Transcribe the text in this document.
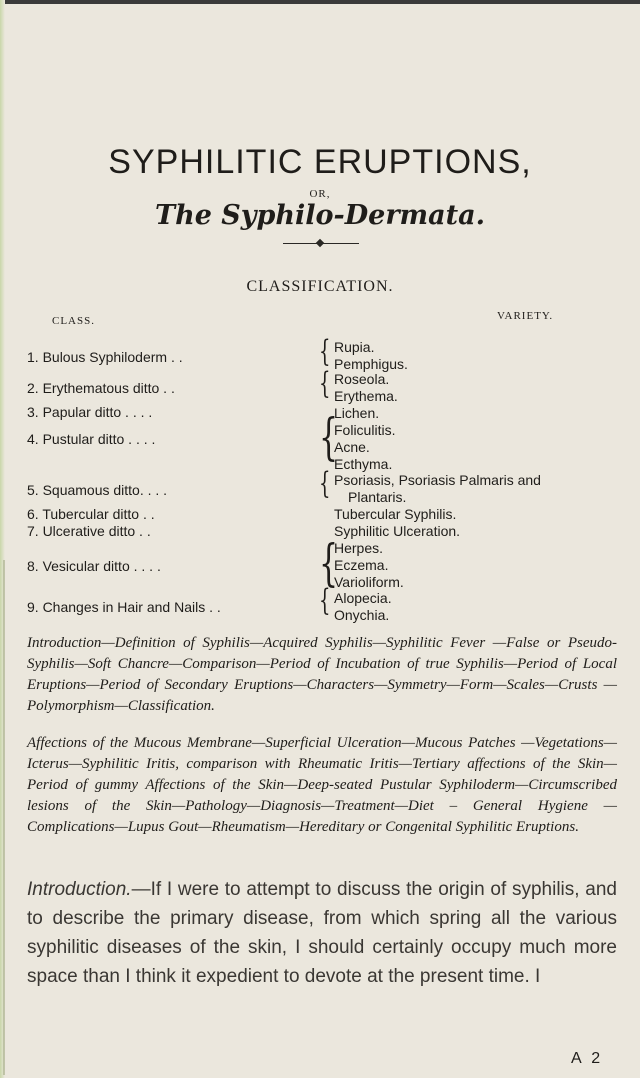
SYPHILITIC ERUPTIONS,
OR,
The Syphilo-Dermata.
CLASSIFICATION.
CLASS.	VARIETY.
1. Bulous Syphiloderm . .	{ Rupia.
Pemphigus.
2. Erythematous ditto . .	{ Roseola.
Erythema.
3. Papular ditto . . . .	Lichen.
4. Pustular ditto . . . .	{
Foliculitis.
Acne.
Ecthyma.
5. Squamous ditto. . . .	{ Psoriasis, Psoriasis Palmaris and
Plantaris.
6. Tubercular ditto . .	Tubercular Syphilis.
7. Ulcerative ditto . .	Syphilitic Ulceration.
8. Vesicular ditto . . . .	{
Herpes.
Eczema.
Varioliform.
9. Changes in Hair and Nails . .	{ Alopecia.
Onychia.
Introduction—Definition of Syphilis—Acquired Syphilis—Syphilitic Fever —False or Pseudo-Syphilis—Soft Chancre—Comparison—Period of Incubation of true Syphilis—Period of Local Eruptions—Period of Secondary Eruptions—Characters—Symmetry—Form—Scales—Crusts —Polymorphism—Classification.
Affections of the Mucous Membrane—Superficial Ulceration—Mucous Patches —Vegetations—Icterus—Syphilitic Iritis, comparison with Rheumatic Iritis—Tertiary affections of the Skin—Period of gummy Affections of the Skin—Deep-seated Pustular Syphiloderm—Circumscribed lesions of the Skin—Pathology—Diagnosis—Treatment—Diet – General Hygiene —Complications—Lupus Gout—Rheumatism—Hereditary or Congenital Syphilitic Eruptions.
Introduction.—If I were to attempt to discuss the origin of syphilis, and to describe the primary disease, from which spring all the various syphilitic diseases of the skin, I should certainly occupy much more space than I think it expedient to devote at the present time. I
A 2
